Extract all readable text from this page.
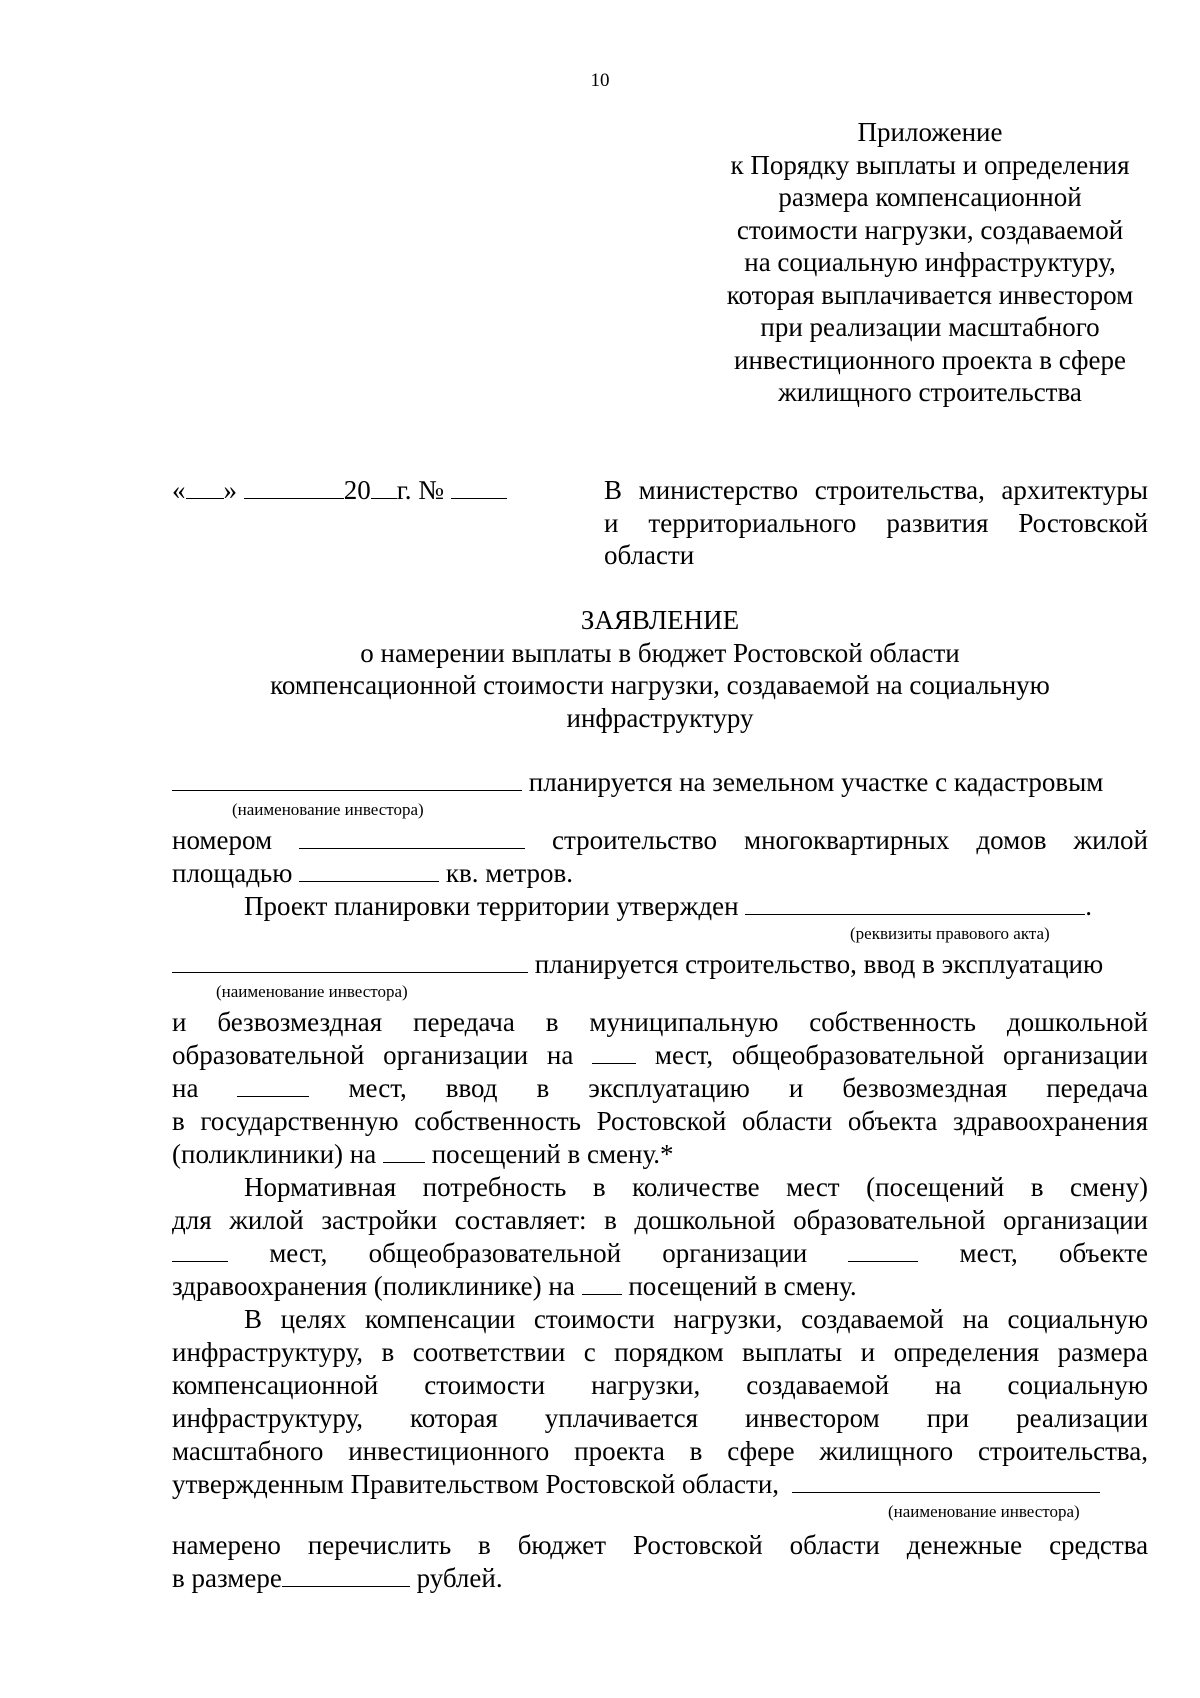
10
Приложение
к Порядку выплаты и определения
размера компенсационной
стоимости нагрузки, создаваемой
на социальную инфраструктуру,
которая выплачивается инвестором
при реализации масштабного
инвестиционного проекта в сфере
жилищного строительства
« »	20 г. №	В министерство строительства, архитектуры
и территориального развития Ростовской
области
ЗАЯВЛЕНИЕ
о намерении выплаты в бюджет Ростовской области
компенсационной стоимости нагрузки, создаваемой на социальную
инфраструктуру
планируется на земельном участке с кадастровым
(наименование инвестора)
номером	строительство многоквартирных домов жилой
площадью	кв. метров.
Проект планировки территории утвержден	.
(реквизиты правового акта)
планируется строительство, ввод в эксплуатацию
(наименование инвестора)
и безвозмездная передача в муниципальную собственность дошкольной
образовательной организации на	мест, общеобразовательной организации
на	мест, ввод в эксплуатацию и безвозмездная передача
в государственную собственность Ростовской области объекта здравоохранения
(поликлиники) на посещений в смену.*
Нормативная потребность в количестве мест (посещений в смену)
для жилой застройки составляет: в дошкольной образовательной организации
мест, общеобразовательной организации	мест, объекте
здравоохранения (поликлинике) на посещений в смену.
В целях компенсации стоимости нагрузки, создаваемой на социальную
инфраструктуру, в соответствии с порядком выплаты и определения размера
компенсационной стоимости нагрузки, создаваемой на социальную
инфраструктуру, которая уплачивается инвестором при реализации
масштабного инвестиционного проекта в сфере жилищного строительства,
утвержденным Правительством Ростовской области,
(наименование инвестора)
намерено перечислить в бюджет Ростовской области денежные средства
в размере	рублей.
